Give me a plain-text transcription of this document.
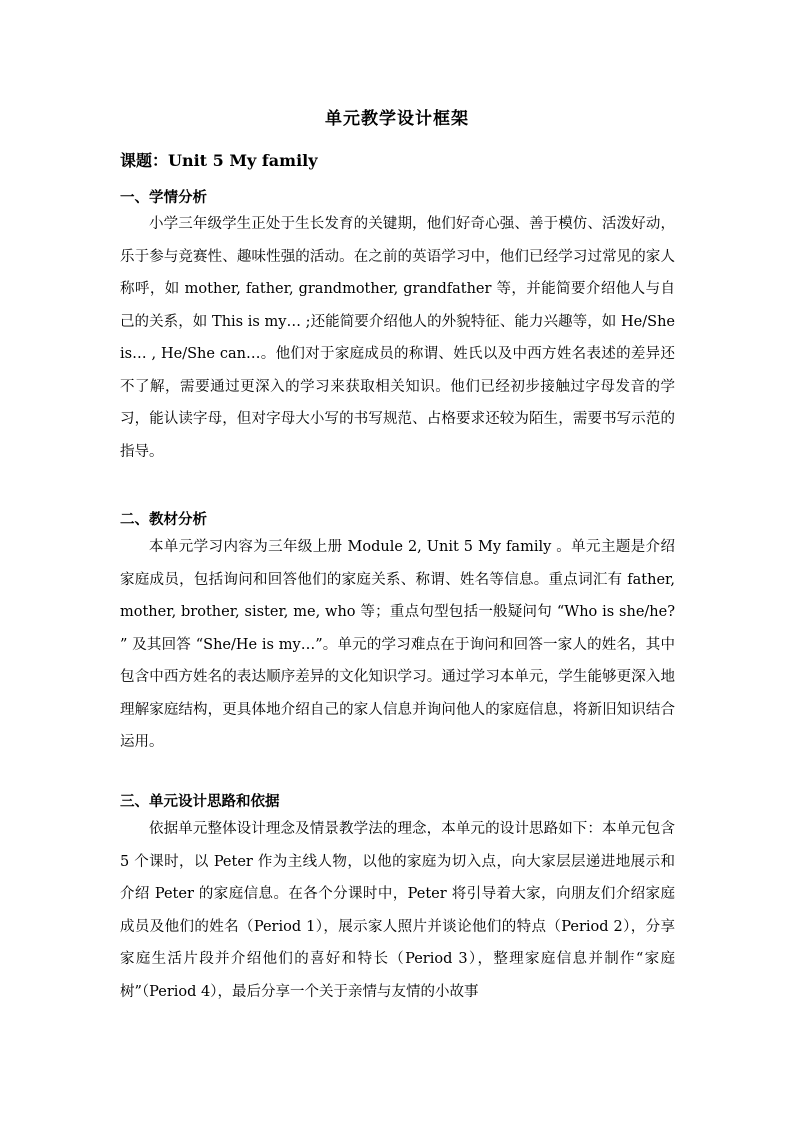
单元教学设计框架
课题：Unit 5 My family
一、学情分析

小学三年级学生正处于生长发育的关键期，他们好奇心强、善于模仿、活泼好动，乐于参与竞赛性、趣味性强的活动。在之前的英语学习中，他们已经学习过常见的家人称呼，如 mother, father, grandmother, grandfather 等，并能简要介绍他人与自己的关系，如 This is my… ;还能简要介绍他人的外貌特征、能力兴趣等，如 He/She is… , He/She can…。他们对于家庭成员的称谓、姓氏以及中西方姓名表述的差异还不了解，需要通过更深入的学习来获取相关知识。他们已经初步接触过字母发音的学习，能认读字母，但对字母大小写的书写规范、占格要求还较为陌生，需要书写示范的指导。

二、教材分析

本单元学习内容为三年级上册 Module 2, Unit 5 My family 。单元主题是介绍家庭成员，包括询问和回答他们的家庭关系、称谓、姓名等信息。重点词汇有 father, mother, brother, sister, me, who 等；重点句型包括一般疑问句 “Who is she/he? ” 及其回答 “She/He is my…”。单元的学习难点在于询问和回答一家人的姓名，其中包含中西方姓名的表达顺序差异的文化知识学习。通过学习本单元，学生能够更深入地理解家庭结构，更具体地介绍自己的家人信息并询问他人的家庭信息，将新旧知识结合运用。

三、单元设计思路和依据

依据单元整体设计理念及情景教学法的理念，本单元的设计思路如下：本单元包含 5 个课时，以 Peter 作为主线人物，以他的家庭为切入点，向大家层层递进地展示和介绍 Peter 的家庭信息。在各个分课时中，Peter 将引导着大家，向朋友们介绍家庭成员及他们的姓名（Period 1），展示家人照片并谈论他们的特点（Period 2），分享家庭生活片段并介绍他们的喜好和特长（Period 3），整理家庭信息并制作“家庭树”（Period 4），最后分享一个关于亲情与友情的小故事
